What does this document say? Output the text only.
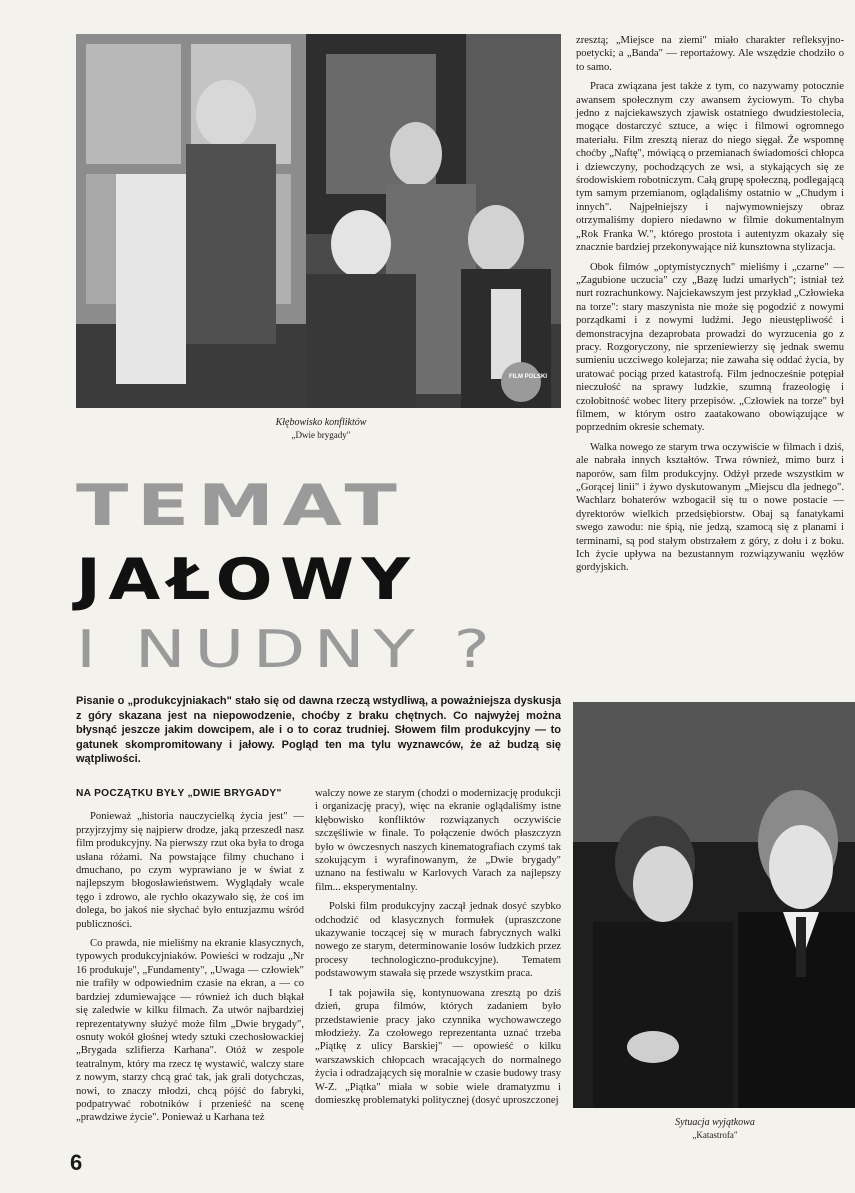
FILM POLSKI
Kłębowisko konfliktów
„Dwie brygady"

zresztą; „Miejsce na ziemi" miało charakter refleksyjno-poetycki; a „Banda" — reportażowy. Ale wszędzie chodziło o to samo.

Praca związana jest także z tym, co nazywamy potocznie awansem społecznym czy awansem życiowym. To chyba jedno z najciekawszych zjawisk ostatniego dwudziestolecia, mogące dostarczyć sztuce, a więc i filmowi ogromnego materiału. Film zresztą nieraz do niego sięgał. Że wspomnę choćby „Naftę", mówiącą o przemianach świadomości chłopca i dziewczyny, pochodzących ze wsi, a stykających się ze środowiskiem robotniczym. Całą grupę społeczną, podlegającą tym samym przemianom, oglądaliśmy ostatnio w „Chudym i innych". Najpełniejszy i najwymowniejszy obraz otrzymaliśmy dopiero niedawno w filmie dokumentalnym „Rok Franka W.", którego prostota i autentyzm okazały się znacznie bardziej przekonywające niż kunsztowna stylizacja.

Obok filmów „optymistycznych" mieliśmy i „czarne" — „Zagubione uczucia" czy „Bazę ludzi umarłych"; istniał też nurt rozrachunkowy. Najciekawszym jest przykład „Człowieka na torze": stary maszynista nie może się pogodzić z nowymi porządkami i z nowymi ludźmi. Jego nieustępliwość i demonstracyjna dezaprobata prowadzi do wyrzucenia go z pracy. Rozgoryczony, nie sprzeniewierzy się jednak swemu sumieniu uczciwego kolejarza; nie zawaha się oddać życia, by uratować pociąg przed katastrofą. Film jednocześnie potępiał nieczułość na sprawy ludzkie, szumną frazeologię i czołobitność wobec litery przepisów. „Człowiek na torze" był filmem, w którym ostro zaatakowano obowiązujące w poprzednim okresie schematy.

Walka nowego ze starym trwa oczywiście w filmach i dziś, ale nabrała innych kształtów. Trwa również, mimo burz i naporów, sam film produkcyjny. Odżył przede wszystkim w „Gorącej linii" i żywo dyskutowanym „Miejscu dla jednego". Wachlarz bohaterów wzbogacił się tu o nowe postacie — dyrektorów wielkich przedsiębiorstw. Obaj są fanatykami swego zawodu: nie śpią, nie jedzą, szamocą się z planami i terminami, są pod stałym obstrzałem z góry, z dołu i z boku. Ich życie upływa na bezustannym rozwiązywaniu węzłów gordyjskich.

TEMAT
JAŁOWY
I NUDNY ?
Pisanie o „produkcyjniakach" stało się od dawna rzeczą wstydliwą, a poważniejsza dyskusja z góry skazana jest na niepowodzenie, choćby z braku chętnych. Co najwyżej można błysnąć jeszcze jakim dowcipem, ale i o to coraz trudniej. Słowem film produkcyjny — to gatunek skompromitowany i jałowy. Pogląd ten ma tylu wyznawców, że aż budzą się wątpliwości.
NA POCZĄTKU BYŁY „DWIE BRYGADY"

Ponieważ „historia nauczycielką życia jest" — przyjrzyjmy się najpierw drodze, jaką przeszedł nasz film produkcyjny. Na pierwszy rzut oka była to droga usłana różami. Na powstające filmy chuchano i dmuchano, po czym wyprawiano je w świat z najlepszym błogosławieństwem. Wyglądały wcale tęgo i zdrowo, ale rychło okazywało się, że coś im dolega, bo jakoś nie słychać było entuzjazmu wśród publiczności.

Co prawda, nie mieliśmy na ekranie klasycznych, typowych produkcyjniaków. Powieści w rodzaju „Nr 16 produkuje", „Fundamenty", „Uwaga — człowiek" nie trafiły w odpowiednim czasie na ekran, a — co bardziej zdumiewające — również ich duch błąkał się zaledwie w kilku filmach. Za utwór najbardziej reprezentatywny służyć może film „Dwie brygady", osnuty wokół głośnej wtedy sztuki czechosłowackiej „Brygada szlifierza Karhana". Otóż w zespole teatralnym, który ma rzecz tę wystawić, walczy stare z nowym, starzy chcą grać tak, jak grali dotychczas, nowi, to znaczy młodzi, chcą pójść do fabryki, podpatrywać robotników i przenieść na scenę „prawdziwe życie". Ponieważ u Karhana też

walczy nowe ze starym (chodzi o modernizację produkcji i organizację pracy), więc na ekranie oglądaliśmy istne kłębowisko konfliktów rozwiązanych oczywiście szczęśliwie w finale. To połączenie dwóch płaszczyzn było w ówczesnych naszych kinematografiach czymś tak szokującym i wyrafinowanym, że „Dwie brygady" uznano na festiwalu w Karlovych Varach za najlepszy film... eksperymentalny.

Polski film produkcyjny zaczął jednak dosyć szybko odchodzić od klasycznych formułek (upraszczone ukazywanie toczącej się w murach fabrycznych walki nowego ze starym, determinowanie losów ludzkich przez procesy technologiczno-produkcyjne). Tematem podstawowym stawała się przede wszystkim praca.

I tak pojawiła się, kontynuowana zresztą po dziś dzień, grupa filmów, których zadaniem było przedstawienie pracy jako czynnika wychowawczego młodzieży. Za czołowego reprezentanta uznać trzeba „Piątkę z ulicy Barskiej" — opowieść o kilku warszawskich chłopcach wracających do normalnego życia i odradzających się moralnie w czasie budowy trasy W-Z. „Piątka" miała w sobie wiele dramatyzmu i domieszkę problematyki politycznej (dosyć uproszczonej

Sytuacja wyjątkowa
„Katastrofa"
6
